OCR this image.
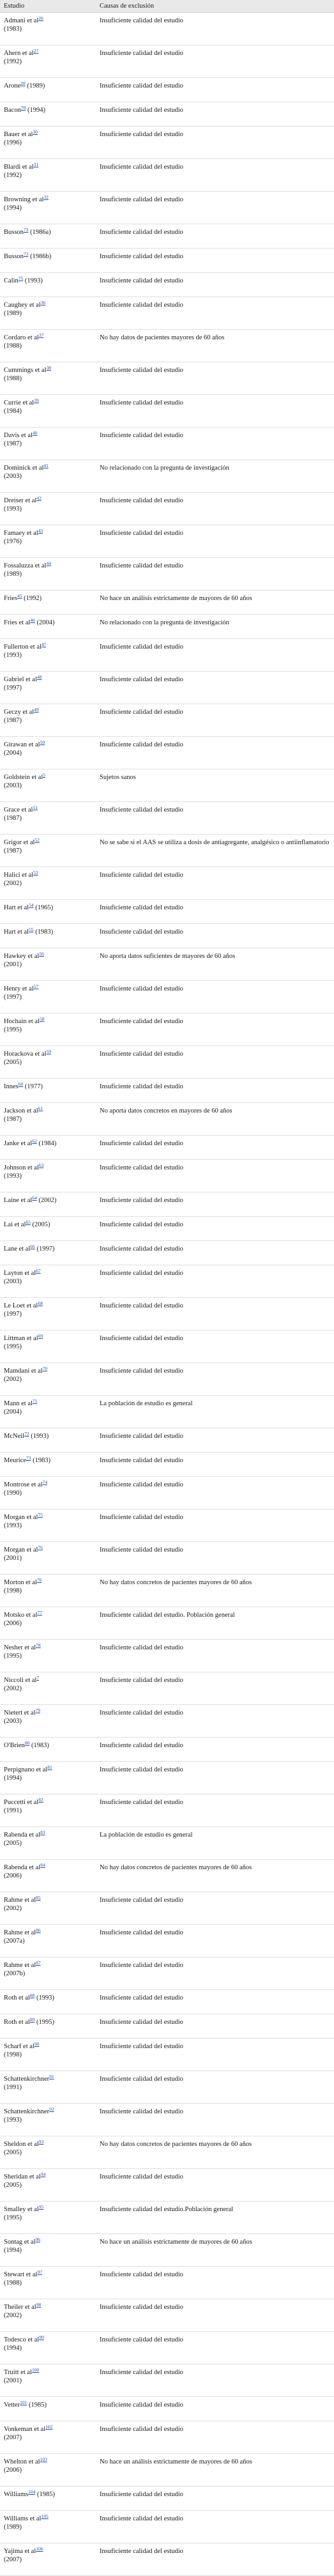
Estudio	Causas de exclusión
Admani et al$^{26}$
(1983)	Insuficiente calidad del estudio
Ahern et al$^{27}$
(1992)	Insuficiente calidad del estudio
Arone$^{28}$ (1989)	Insuficiente calidad del estudio
Bacon$^{70}$ (1994)	Insuficiente calidad del estudio
Bauer et al$^{30}$
(1996)	Insuficiente calidad del estudio
Blardi et al$^{31}$
(1992)	Insuficiente calidad del estudio
Browning et al$^{32}$
(1994)	Insuficiente calidad del estudio
Busson$^{73}$ (1986a)	Insuficiente calidad del estudio
Busson$^{73}$ (1986b)	Insuficiente calidad del estudio
Calin$^{75}$ (1993)	Insuficiente calidad del estudio
Caughey et al$^{36}$
(1989)	Insuficiente calidad del estudio
Cordaro et al$^{37}$
(1988)	No hay datos de pacientes mayores de 60 años
Cummings et al$^{38}$
(1988)	Insuficiente calidad del estudio
Currie et al$^{39}$
(1984)	Insuficiente calidad del estudio
Davis et al$^{40}$
(1987)	Insuficiente calidad del estudio
Dominick et al$^{41}$
(2003)	No relacionado con la pregunta de investigación
Dreiser et al$^{42}$
(1993)	Insuficiente calidad del estudio
Famaey et al$^{43}$
(1976)	Insuficiente calidad del estudio
Fossaluzza et al$^{44}$
(1989)	Insuficiente calidad del estudio
Fries$^{45}$ (1992)	No hace un análisis estrictamente de mayores de 60 años
Fries et al$^{46}$ (2004)	No relacionado con la pregunta de investigación
Fullerton et al$^{47}$
(1993)	Insuficiente calidad del estudio
Gabriel et al$^{48}$
(1997)	Insuficiente calidad del estudio
Geczy et al$^{49}$
(1987)	Insuficiente calidad del estudio
Girawan et al$^{50}$
(2004)	Insuficiente calidad del estudio
Goldstein et al$^5$
(2003)	Sujetos sanos
Grace et al$^{51}$
(1987)	Insuficiente calidad del estudio
Grigor et al$^{52}$
(1987)	No se sabe si el AAS se utiliza a dosis de antiagregante, analgésico o antiinflamatorio
Halici et al$^{53}$
(2002)	Insuficiente calidad del estudio
Hart et al$^{54}$ (1965)	Insuficiente calidad del estudio
Hart et al$^{55}$ (1983)	Insuficiente calidad del estudio
Hawkey et al$^{56}$
(2001)	No aporta datos suficientes de mayores de 60 años
Henry et al$^{57}$
(1997)	Insuficiente calidad del estudio
Hochain et al$^{58}$
(1995)	Insuficiente calidad del estudio
Horackova et al$^{59}$
(2005)	Insuficiente calidad del estudio
Innes$^{60}$ (1977)	Insuficiente calidad del estudio
Jackson et al$^{61}$
(1987)	No aporta datos concretos en mayores de 60 años
Janke et al$^{62}$ (1984)	Insuficiente calidad del estudio
Johnson et al$^{63}$
(1993)	Insuficiente calidad del estudio
Laine et al$^{64}$ (2002)	Insuficiente calidad del estudio
Lai et al$^{65}$ (2005)	Insuficiente calidad del estudio
Lane et al$^{66}$ (1997)	Insuficiente calidad del estudio
Layton et al$^{67}$
(2003)	Insuficiente calidad del estudio
Le Loet et al$^{68}$
(1997)	Insuficiente calidad del estudio
Littman et al$^{69}$
(1995)	Insuficiente calidad del estudio
Mamdani et al$^{70}$
(2002)	Insuficiente calidad del estudio
Mann et al$^{71}$
(2004)	La población de estudio es general
McNeil$^{72}$ (1993)	Insuficiente calidad del estudio
Meurice$^{73}$ (1983)	Insuficiente calidad del estudio
Montrose et al$^{74}$
(1990)	Insuficiente calidad del estudio
Morgan et al$^{75}$
(1993)	Insuficiente calidad del estudio
Morgan et al$^{76}$
(2001)	Insuficiente calidad del estudio
Morton et al$^{76}$
(1998)	No hay datos concretos de pacientes mayores de 60 años
Motsko et al$^{77}$
(2006)	Insuficiente calidad del estudio. Población general
Nesher et al$^{78}$
(1995)	Insuficiente calidad del estudio
Niccoli et al$^7$
(2002)	Insuficiente calidad del estudio
Nietert et al$^{79}$
(2003)	Insuficiente calidad del estudio
O'Brien$^{80}$ (1983)	Insuficiente calidad del estudio
Perpignano et al$^{81}$
(1994)	Insuficiente calidad del estudio
Puccetti et al$^{82}$
(1991)	Insuficiente calidad del estudio
Rabenda et al$^{83}$
(2005)	La población de estudio es general
Rabenda et al$^{84}$
(2006)	No hay datos concretos de pacientes mayores de 60 años
Rahme et al$^{85}$
(2002)	Insuficiente calidad del estudio
Rahme et al$^{86}$
(2007a)	Insuficiente calidad del estudio
Rahme et al$^{87}$
(2007b)	Insuficiente calidad del estudio
Roth et al$^{88}$ (1993)	Insuficiente calidad del estudio
Roth et al$^{89}$ (1995)	Insuficiente calidad del estudio
Scharf et al$^{90}$
(1998)	Insuficiente calidad del estudio
Schattenkirchner$^{91}$
(1991)	Insuficiente calidad del estudio
Schattenkirchner$^{92}$
(1993)	Insuficiente calidad del estudio
Sheldon et al$^{93}$
(2005)	No hay datos concretos de pacientes mayores de 60 años
Sheridan et al$^{94}$
(2005)	Insuficiente calidad del estudio
Smalley et al$^{95}$
(1995)	Insuficiente calidad del estudio.Población general
Sontag et al$^{96}$
(1994)	No hace un análisis estrictamente de mayores de 60 años
Stewart et al$^{97}$
(1988)	Insuficiente calidad del estudio
Theiler et al$^{98}$
(2002)	Insuficiente calidad del estudio
Todesco et al$^{99}$
(1994)	Insuficiente calidad del estudio
Truitt et al$^{100}$
(2001)	Insuficiente calidad del estudio
Vetter$^{101}$ (1985)	Insuficiente calidad del estudio
Vonkeman et al$^{102}$
(2007)	Insuficiente calidad del estudio
Whelton et al$^{103}$
(2006)	No hace un análisis estrictamente de mayores de 60 años
Williams$^{104}$ (1985)	Insuficiente calidad del estudio
Williams et al$^{105}$
(1989)	Insuficiente calidad del estudio
Yajima et al$^{106}$
(2007)	Insuficiente calidad del estudio
